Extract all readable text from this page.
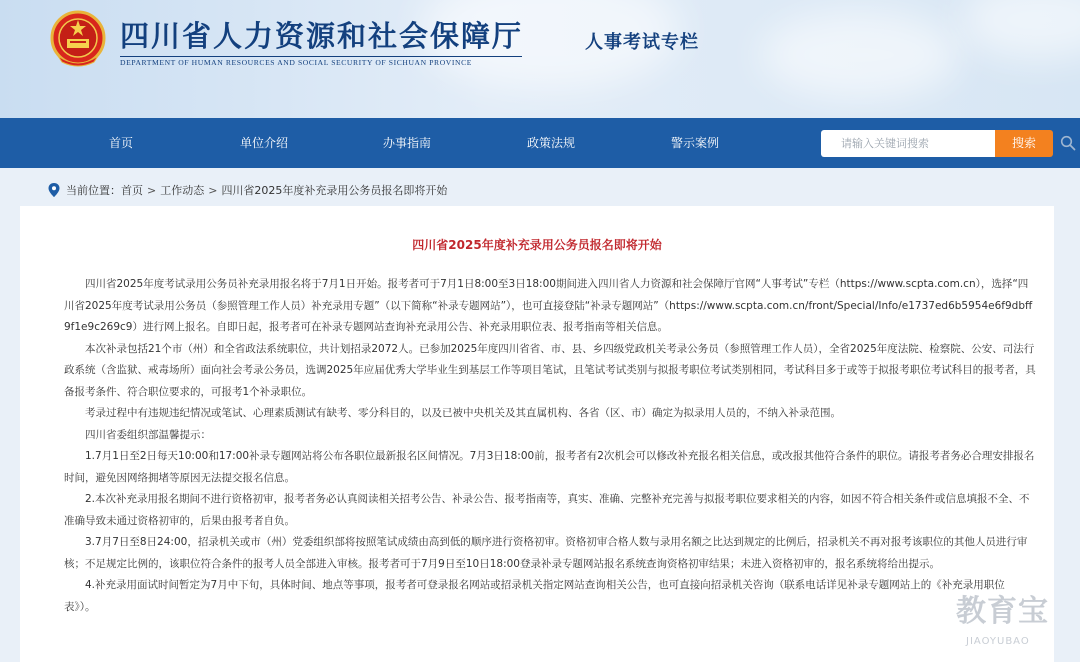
四川省人力资源和社会保障厅
DEPARTMENT OF HUMAN RESOURCES AND SOCIAL SECURITY OF SICHUAN PROVINCE
人事考试专栏
首页	单位介绍	办事指南	政策法规	警示案例
请输入关键词搜索	搜索
当前位置： 首页 > 工作动态 > 四川省2025年度补充录用公务员报名即将开始
四川省2025年度补充录用公务员报名即将开始

四川省2025年度考试录用公务员补充录用报名将于7月1日开始。报考者可于7月1日8:00至3日18:00期间进入四川省人力资源和社会保障厅官网“人事考试”专栏（https://www.scpta.com.cn），选择“四川省2025年度考试录用公务员（参照管理工作人员）补充录用专题”（以下简称“补录专题网站”），也可直接登陆“补录专题网站”（https://www.scpta.com.cn/front/Special/Info/e1737ed6b5954e6f9dbff9f1e9c269c9）进行网上报名。自即日起，报考者可在补录专题网站查询补充录用公告、补充录用职位表、报考指南等相关信息。

本次补录包括21个市（州）和全省政法系统职位，共计划招录2072人。已参加2025年度四川省省、市、县、乡四级党政机关考录公务员（参照管理工作人员），全省2025年度法院、检察院、公安、司法行政系统（含监狱、戒毒场所）面向社会考录公务员，选调2025年应届优秀大学毕业生到基层工作等项目笔试，且笔试考试类别与拟报考职位考试类别相同，考试科目多于或等于拟报考职位考试科目的报考者，具备报考条件、符合职位要求的，可报考1个补录职位。

考录过程中有违规违纪情况或笔试、心理素质测试有缺考、零分科目的，以及已被中央机关及其直属机构、各省（区、市）确定为拟录用人员的，不纳入补录范围。

四川省委组织部温馨提示：

1.7月1日至2日每天10:00和17:00补录专题网站将公布各职位最新报名区间情况。7月3日18:00前，报考者有2次机会可以修改补充报名相关信息，或改报其他符合条件的职位。请报考者务必合理安排报名时间，避免因网络拥堵等原因无法提交报名信息。

2.本次补充录用报名期间不进行资格初审，报考者务必认真阅读相关招考公告、补录公告、报考指南等，真实、准确、完整补充完善与拟报考职位要求相关的内容，如因不符合相关条件或信息填报不全、不准确导致未通过资格初审的，后果由报考者自负。

3.7月7日至8日24:00，招录机关或市（州）党委组织部将按照笔试成绩由高到低的顺序进行资格初审。资格初审合格人数与录用名额之比达到规定的比例后，招录机关不再对报考该职位的其他人员进行审核；不足规定比例的，该职位符合条件的报考人员全部进入审核。报考者可于7月9日至10日18:00登录补录专题网站报名系统查询资格初审结果；未进入资格初审的，报名系统将给出提示。

4.补充录用面试时间暂定为7月中下旬，具体时间、地点等事项，报考者可登录报名网站或招录机关指定网站查询相关公告，也可直接向招录机关咨询（联系电话详见补录专题网站上的《补充录用职位表》）。	教育宝
JIAOYUBAO
